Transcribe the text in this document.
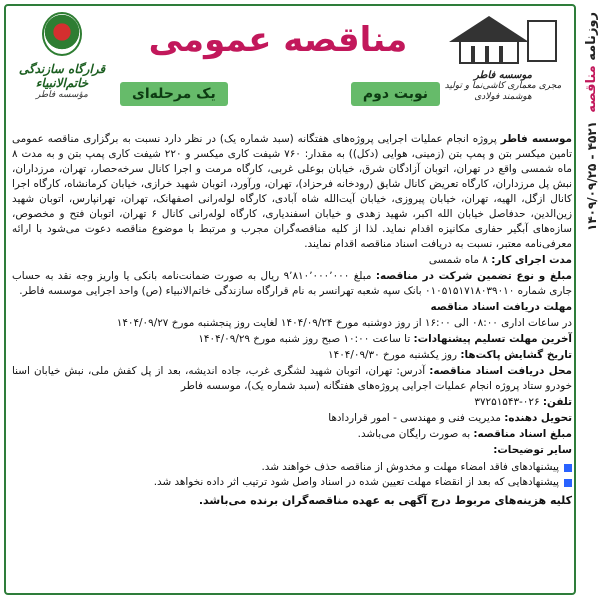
روزنامه مناقصه
۱۴۰۹/۰۹/۲۵ - ۴۵۲۱
قرارگاه سازندگی خاتم‌الانبیاء
مؤسسه فاطر
مناقصه عمومی
نوبت دوم
یک مرحله‌ای
موسسه فاطر
مجری معماری کاشی‌نما و تولید هوشمند فولادی

موسسه فاطر پروژه انجام عملیات اجرایی پروژه‌های هفتگانه (سبد شماره یک) در نظر دارد نسبت به برگزاری مناقصه عمومی تامین میکسر بتن و پمپ بتن (زمینی، هوایی (دکل)) به مقدار: ۷۶۰ شیفت کاری میکسر و ۲۲۰ شیفت کاری پمپ بتن و به مدت ۸ ماه شمسی واقع در تهران، اتوبان آزادگان شرق، خیابان بوعلی غربی، کارگاه مرمت و اجرا کانال سرخه‌حصار، تهران، مرزداران، نبش پل مرزداران، کارگاه تعریض کانال شایق (رودخانه فرحزاد)، تهران، ورآورد، اتوبان شهید خرازی، خیابان کرمانشاه، کارگاه اجرا کانال ازگل، الهیه، تهران، خیابان پیروزی، خیابان آیت‌الله شاه آبادی، کارگاه لوله‌رانی اصفهانک، تهران، تهرانپارس، اتوبان شهید زین‌الدین، حدفاصل خیابان الله اکبر، شهید زهدی و خیابان اسفندیاری، کارگاه لوله‌رانی کانال ۶ تهران، اتوبان فتح و مخصوص، سازه‌های آبگیر حفاری مکانیزه اقدام نماید. لذا از کلیه مناقصه‌گران مجرب و مرتبط با موضوع مناقصه دعوت می‌شود با ارائه معرفی‌نامه معتبر، نسبت به دریافت اسناد مناقصه اقدام نمایند.

مدت اجرای کار: ۸ ماه شمسی

مبلغ و نوع تضمین شرکت در مناقصه: مبلغ ۹٬۸۱۰٬۰۰۰٬۰۰۰ ریال به صورت ضمانت‌نامه بانکی یا واریز وجه نقد به حساب جاری شماره ۰۱۰۵۱۵۱۷۱۸۰۳۹۰۱۰ بانک سپه شعبه تهرانسر به نام قرارگاه سازندگی خاتم‌الانبیاء (ص) واحد اجرایی موسسه فاطر.

مهلت دریافت اسناد مناقصه

در ساعات اداری ۰۸:۰۰ الی ۱۶:۰۰ از روز دوشنبه مورخ ۱۴۰۴/۰۹/۲۴ لغایت روز پنجشنبه مورخ ۱۴۰۴/۰۹/۲۷

آخرین مهلت تسلیم پیشنهادات: تا ساعت ۱۰:۰۰ صبح روز شنبه مورخ ۱۴۰۴/۰۹/۲۹

تاریخ گشایش پاکت‌ها: روز یکشنبه مورخ ۱۴۰۴/۰۹/۳۰

محل دریافت اسناد مناقصه: آدرس: تهران، اتوبان شهید لشگری غرب، جاده اندیشه، بعد از پل کفش ملی، نبش خیابان اسنا خودرو ستاد پروژه انجام عملیات اجرایی پروژه‌های هفتگانه (سبد شماره یک)، موسسه فاطر

تلفن: ۰۲۶-۳۷۲۵۱۵۴۳

تحویل دهنده: مدیریت فنی و مهندسی - امور قراردادها

مبلغ اسناد مناقصه: به صورت رایگان می‌باشد.

سایر توضیحات:

پیشنهادهای فاقد امضاء مهلت و مخدوش از مناقصه حذف خواهند شد.
پیشنهادهایی که بعد از انقضاء مهلت تعیین شده در اسناد واصل شود ترتیب اثر داده نخواهد شد.

کلیه هزینه‌های مربوط درج آگهی به عهده مناقصه‌گران برنده می‌باشد.
